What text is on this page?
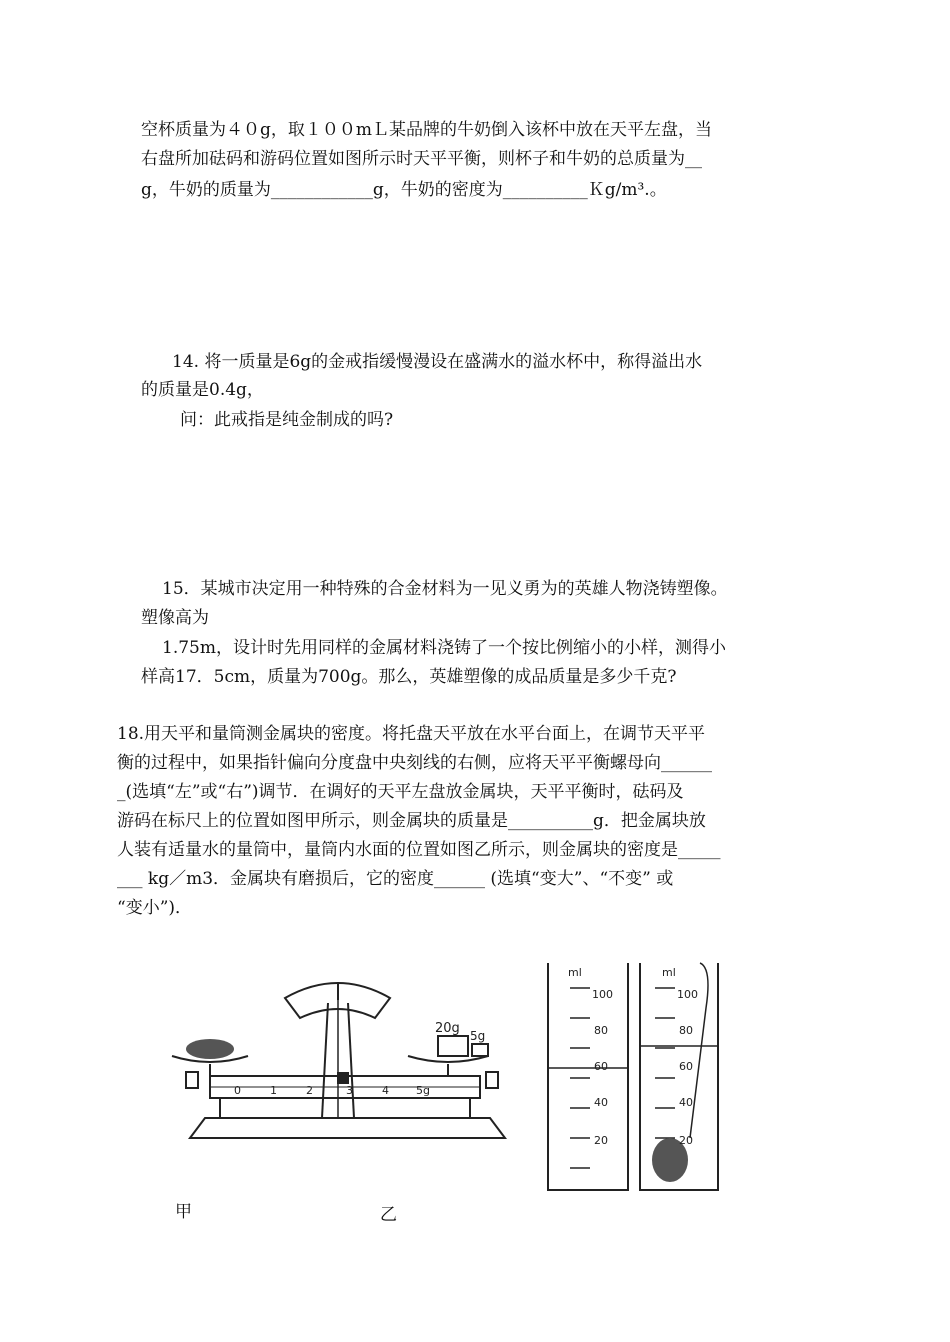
空杯质量为４０g，取１００mＬ某品牌的牛奶倒入该杯中放在天平左盘，当
右盘所加砝码和游码位置如图所示时天平平衡，则杯子和牛奶的总质量为__
g，牛奶的质量为____________g，牛奶的密度为__________Ｋg/m³.。
14. 将一质量是6g的金戒指缓慢漫设在盛满水的溢水杯中，称得溢出水
的质量是0.4g，
问：此戒指是纯金制成的吗?
15．某城市决定用一种特殊的合金材料为一见义勇为的英雄人物浇铸塑像。
塑像高为
1.75m，设计时先用同样的金属材料浇铸了一个按比例缩小的小样，测得小
样高17．5cm，质量为700g。那么，英雄塑像的成品质量是多少千克?
18.用天平和量筒测金属块的密度。将托盘天平放在水平台面上，在调节天平平
衡的过程中，如果指针偏向分度盘中央刻线的右侧，应将天平平衡螺母向______
_(选填“左”或“右”)调节．在调好的天平左盘放金属块，天平平衡时，砝码及
游码在标尺上的位置如图甲所示，则金属块的质量是__________g．把金属块放
人装有适量水的量筒中，量筒内水面的位置如图乙所示，则金属块的密度是_____
___ kg／m3．金属块有磨损后，它的密度______ (选填“变大”、“不变” 或
“变小”)．
0	1	2	3	4 5g
20g 5g
ml
100
80
60
40
20
ml
100
80
60
40
20
甲	乙
